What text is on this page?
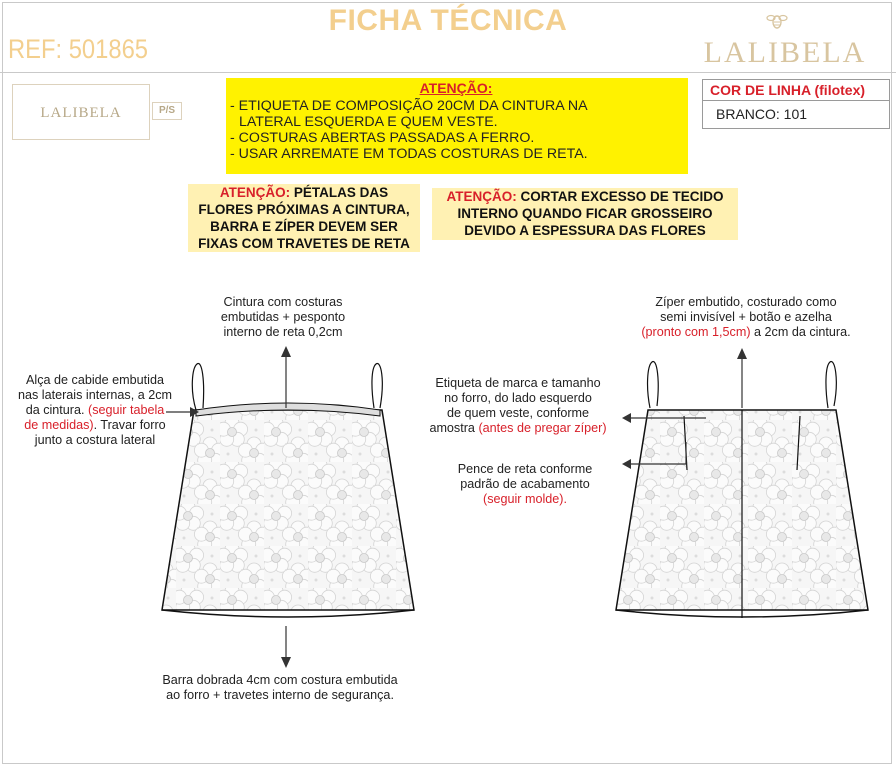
FICHA TÉCNICA
REF: 501865	LALIBELA
LALIBELA	P/S
ATENÇÃO:
- ETIQUETA DE COMPOSIÇÃO 20CM DA CINTURA NA
LATERAL ESQUERDA E QUEM VESTE.
- COSTURAS ABERTAS PASSADAS A FERRO.
- USAR ARREMATE EM TODAS COSTURAS DE RETA.
COR DE LINHA (filotex)
BRANCO: 101
ATENÇÃO: PÉTALAS DAS
FLORES PRÓXIMAS A CINTURA,
BARRA E ZÍPER DEVEM SER
FIXAS COM TRAVETES DE RETA
ATENÇÃO: CORTAR EXCESSO DE TECIDO
INTERNO QUANDO FICAR GROSSEIRO
DEVIDO A ESPESSURA DAS FLORES
Cintura com costuras
embutidas + pesponto
interno de reta 0,2cm
Alça de cabide embutida
nas laterais internas, a 2cm
da cintura. (seguir tabela
de medidas). Travar forro
junto a costura lateral
Barra dobrada 4cm com costura embutida
ao forro + travetes interno de segurança.
Zíper embutido, costurado como
semi invisível + botão e azelha
(pronto com 1,5cm) a 2cm da cintura.
Etiqueta de marca e tamanho
no forro, do lado esquerdo
de quem veste, conforme
amostra (antes de pregar zíper)
Pence de reta conforme
padrão de acabamento
(seguir molde).
